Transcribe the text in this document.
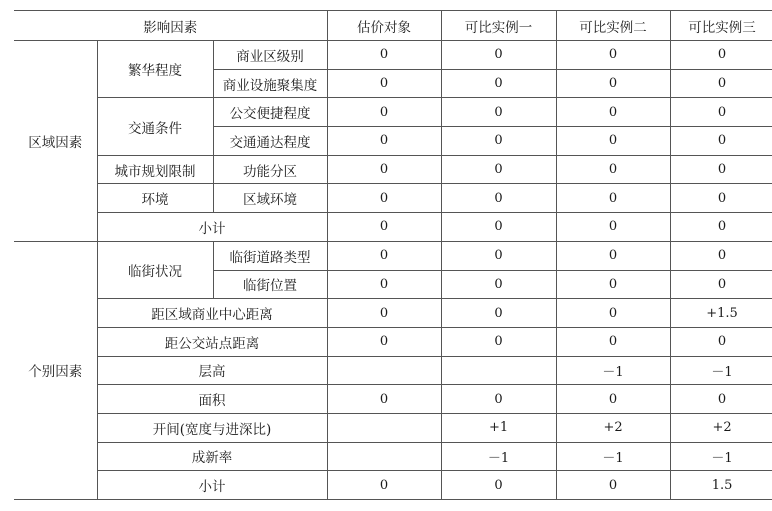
影响因素			估价对象	可比实例一	可比实例二	可比实例三
区域因素	繁华程度	商业区级别	0	0	0	0
		商业设施聚集度	0	0	0	0
	交通条件	公交便捷程度	0	0	0	0
		交通通达程度	0	0	0	0
	城市规划限制	功能分区	0	0	0	0
	环境	区域环境	0	0	0	0
	小计		0	0	0	0
个别因素	临街状况	临街道路类型	0	0	0	0
		临街位置	0	0	0	0
	距区域商业中心距离		0	0	0	+1.5
	距公交站点距离		0	0	0	0
	层高				－1	－1
	面积		0	0	0	0
	开间(宽度与进深比)			+1	+2	+2
	成新率			－1	－1	－1
	小计		0	0	0	1.5
